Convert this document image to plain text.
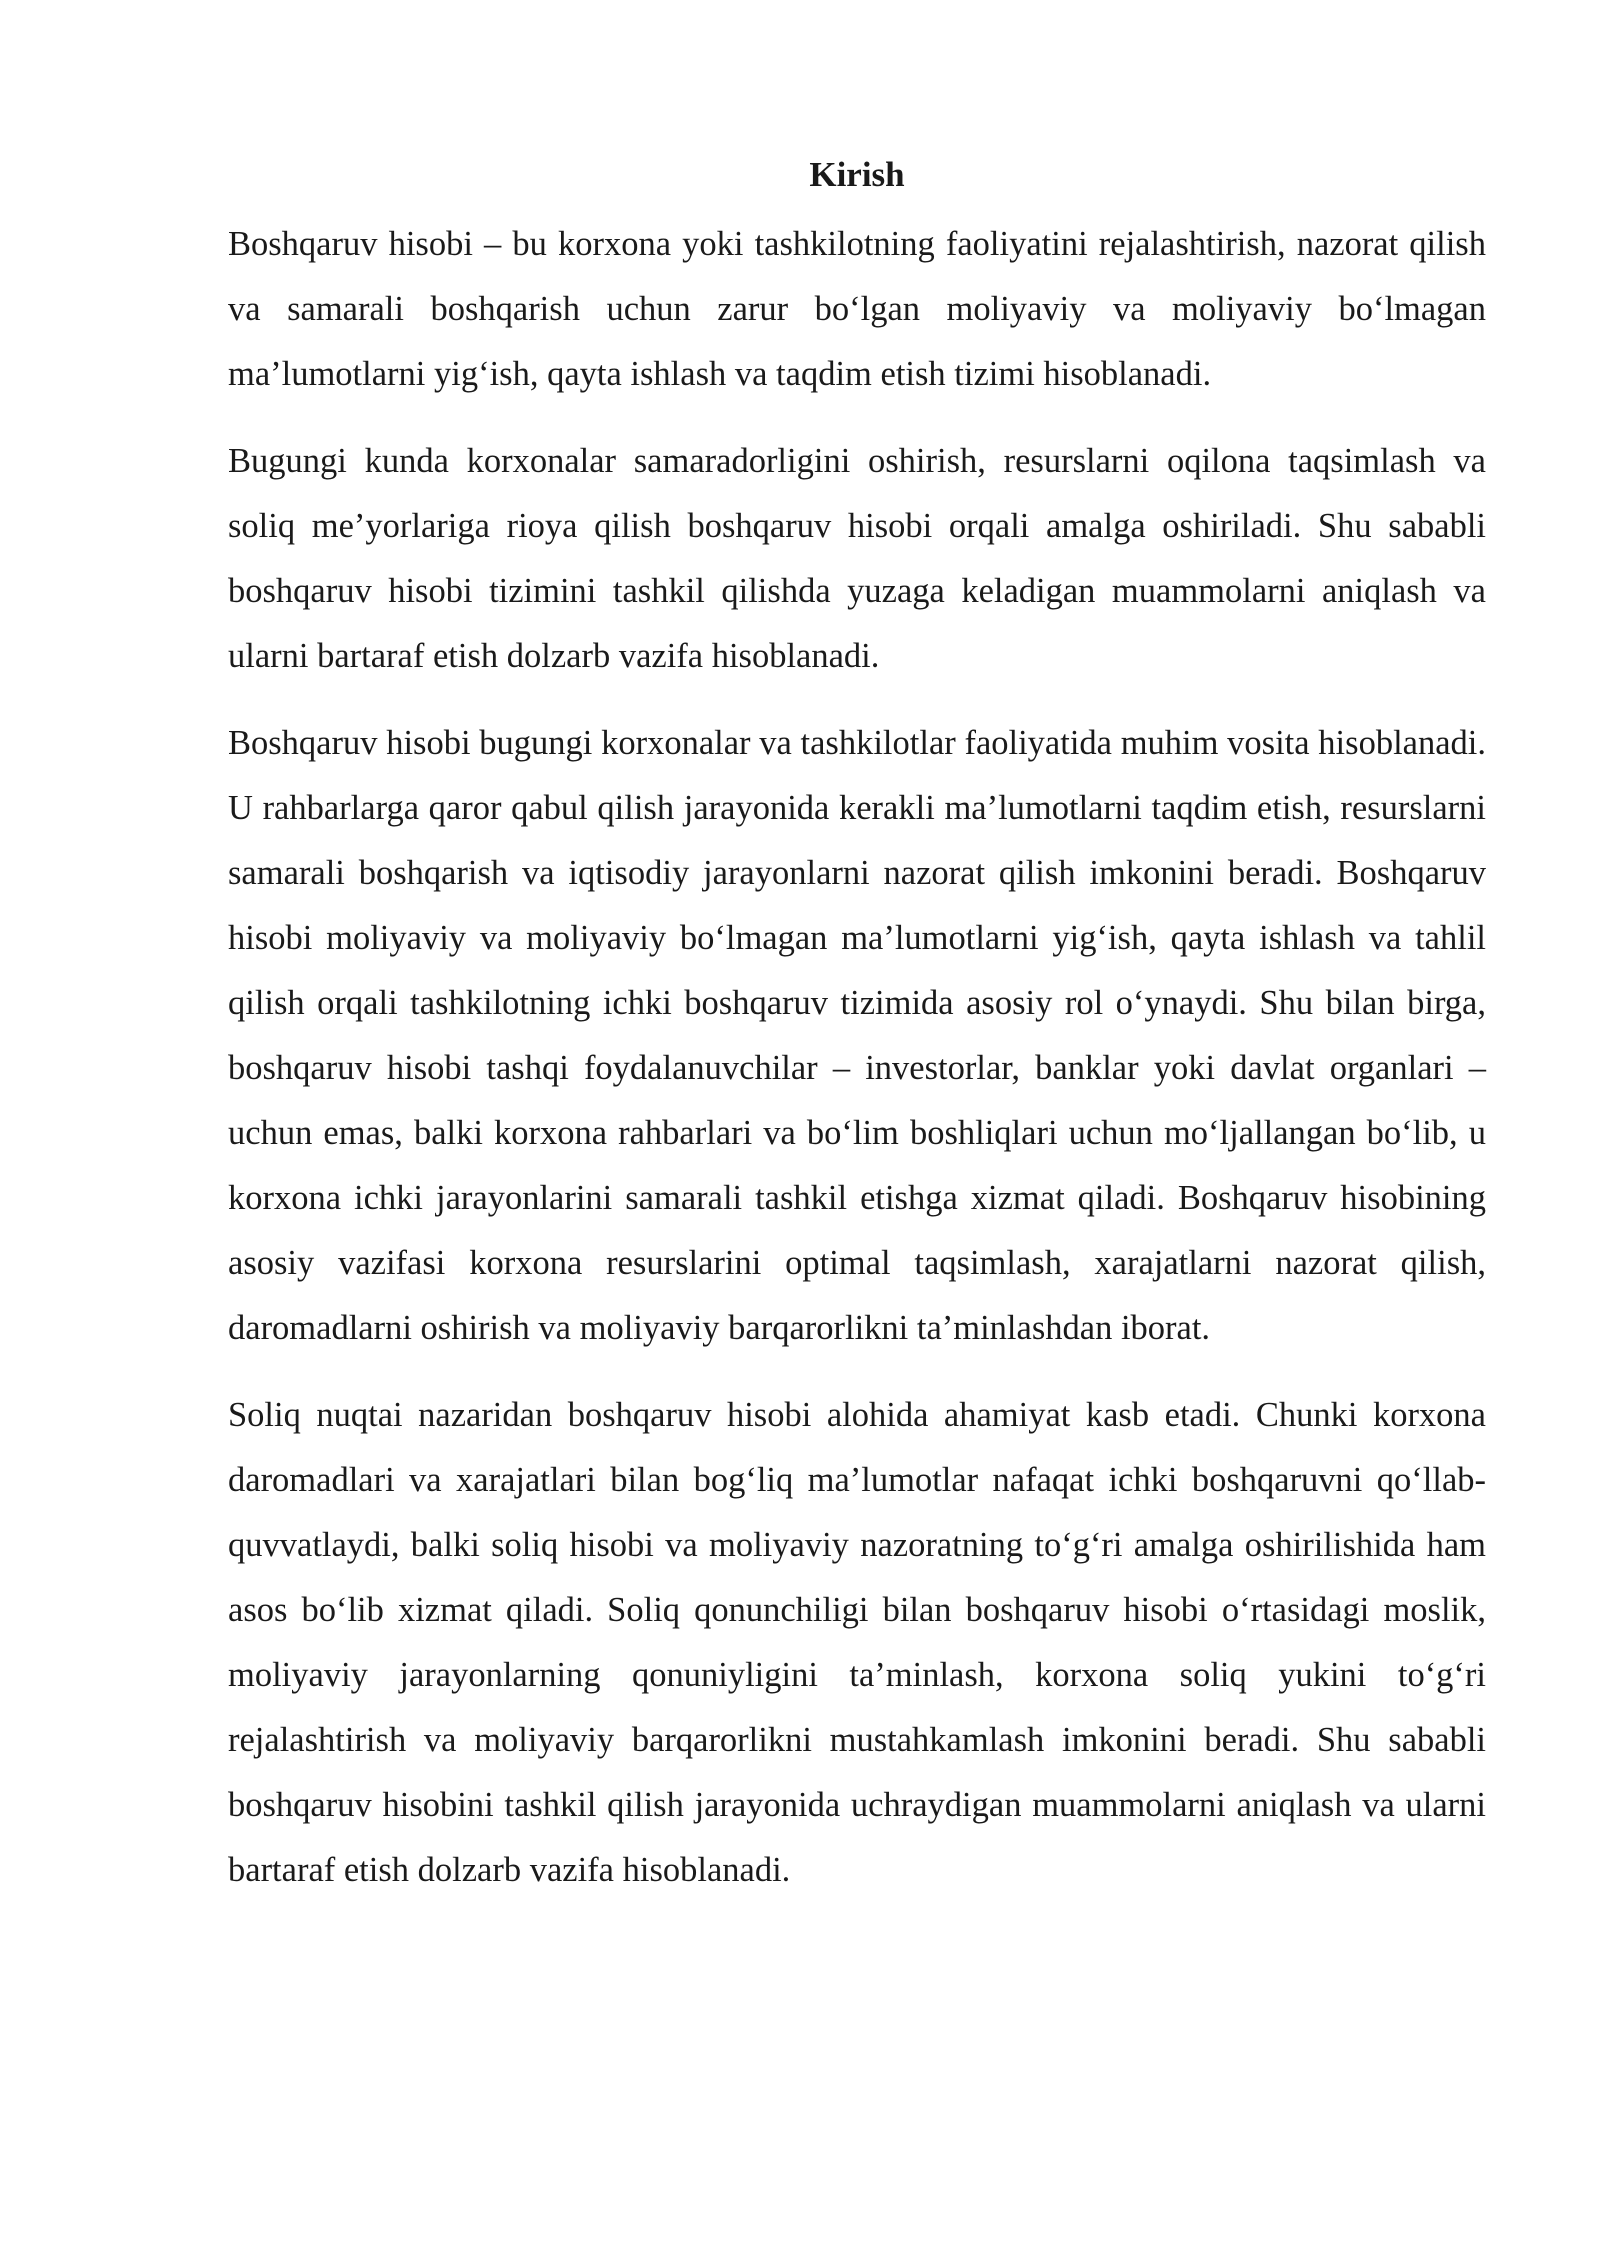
Kirish

Boshqaruv hisobi – bu korxona yoki tashkilotning faoliyatini rejalashtirish, nazorat qilish va samarali boshqarish uchun zarur bo‘lgan moliyaviy va moliyaviy bo‘lmagan ma’lumotlarni yig‘ish, qayta ishlash va taqdim etish tizimi hisoblanadi.

Bugungi kunda korxonalar samaradorligini oshirish, resurslarni oqilona taqsimlash va soliq me’yorlariga rioya qilish boshqaruv hisobi orqali amalga oshiriladi. Shu sababli boshqaruv hisobi tizimini tashkil qilishda yuzaga keladigan muammolarni aniqlash va ularni bartaraf etish dolzarb vazifa hisoblanadi.

Boshqaruv hisobi bugungi korxonalar va tashkilotlar faoliyatida muhim vosita hisoblanadi. U rahbarlarga qaror qabul qilish jarayonida kerakli ma’lumotlarni taqdim etish, resurslarni samarali boshqarish va iqtisodiy jarayonlarni nazorat qilish imkonini beradi. Boshqaruv hisobi moliyaviy va moliyaviy bo‘lmagan ma’lumotlarni yig‘ish, qayta ishlash va tahlil qilish orqali tashkilotning ichki boshqaruv tizimida asosiy rol o‘ynaydi. Shu bilan birga, boshqaruv hisobi tashqi foydalanuvchilar – investorlar, banklar yoki davlat organlari – uchun emas, balki korxona rahbarlari va bo‘lim boshliqlari uchun mo‘ljallangan bo‘lib, u korxona ichki jarayonlarini samarali tashkil etishga xizmat qiladi. Boshqaruv hisobining asosiy vazifasi korxona resurslarini optimal taqsimlash, xarajatlarni nazorat qilish, daromadlarni oshirish va moliyaviy barqarorlikni ta’minlashdan iborat.

Soliq nuqtai nazaridan boshqaruv hisobi alohida ahamiyat kasb etadi. Chunki korxona daromadlari va xarajatlari bilan bog‘liq ma’lumotlar nafaqat ichki boshqaruvni qo‘llab-quvvatlaydi, balki soliq hisobi va moliyaviy nazoratning to‘g‘ri amalga oshirilishida ham asos bo‘lib xizmat qiladi. Soliq qonunchiligi bilan boshqaruv hisobi o‘rtasidagi moslik, moliyaviy jarayonlarning qonuniyligini ta’minlash, korxona soliq yukini to‘g‘ri rejalashtirish va moliyaviy barqarorlikni mustahkamlash imkonini beradi. Shu sababli boshqaruv hisobini tashkil qilish jarayonida uchraydigan muammolarni aniqlash va ularni bartaraf etish dolzarb vazifa hisoblanadi.
